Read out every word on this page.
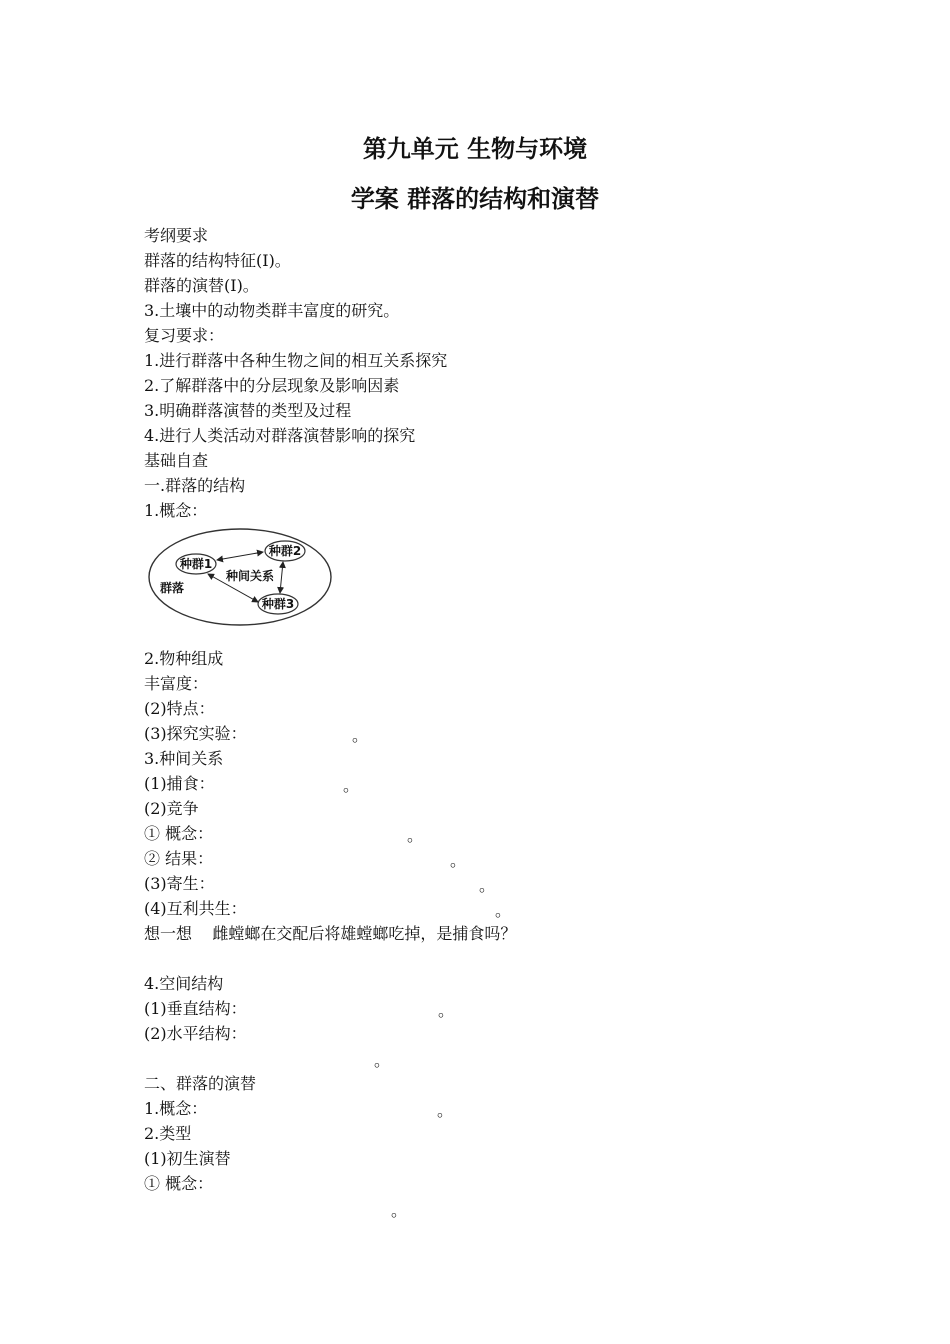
第九单元 生物与环境
学案 群落的结构和演替
考纲要求
群落的结构特征(I)。
群落的演替(I)。
3.土壤中的动物类群丰富度的研究。
复习要求：
1.进行群落中各种生物之间的相互关系探究
2.了解群落中的分层现象及影响因素
3.明确群落演替的类型及过程
4.进行人类活动对群落演替影响的探究
基础自查
一.群落的结构
1.概念：
种群1
种群2
种群3
种间关系
群落
2.物种组成
丰富度：
(2)特点：
(3)探究实验：	。
3.种间关系
(1)捕食：	。
(2)竞争
① 概念：	。
② 结果：	。
(3)寄生：	。
(4)互利共生：	。
想一想    雌螳螂在交配后将雄螳螂吃掉，是捕食吗？
4.空间结构
(1)垂直结构：	。
(2)水平结构：
。
二、群落的演替
1.概念：	。
2.类型
(1)初生演替
① 概念：
。
